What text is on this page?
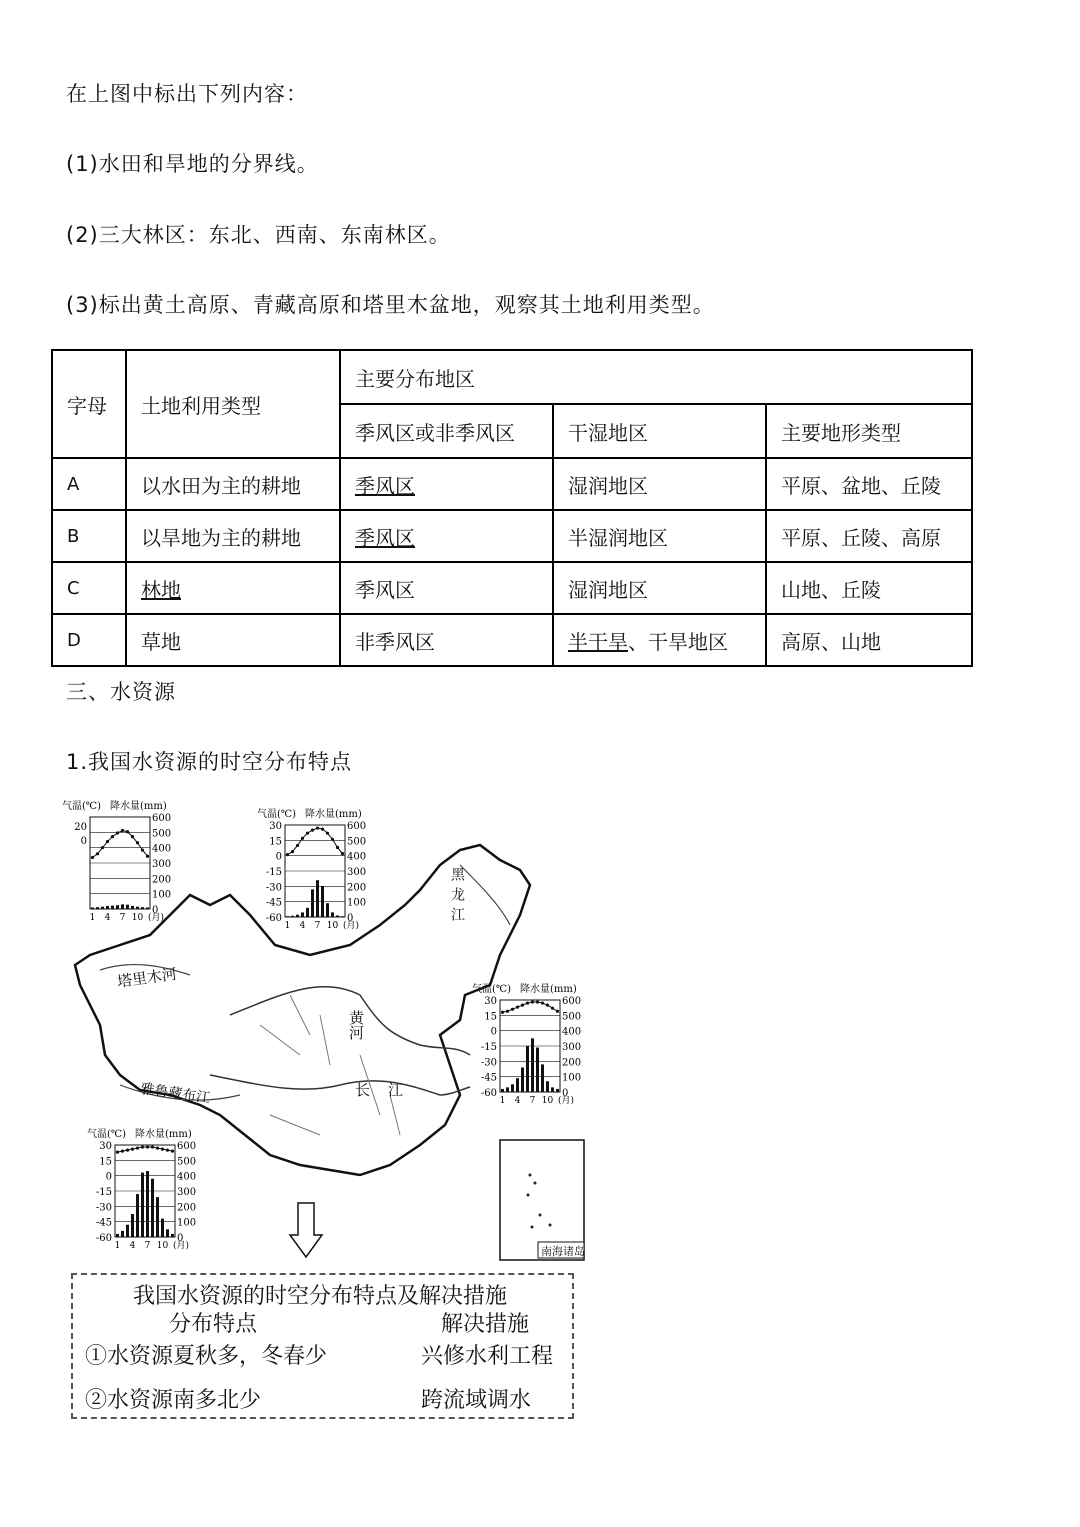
在上图中标出下列内容：
(1)水田和旱地的分界线。
(2)三大林区：东北、西南、东南林区。
(3)标出黄土高原、青藏高原和塔里木盆地，观察其土地利用类型。
字母	土地利用类型	主要分布地区		
		季风区或非季风区	干湿地区	主要地形类型
A	以水田为主的耕地	季风区	湿润地区	平原、盆地、丘陵
B	以旱地为主的耕地	季风区	半湿润地区	平原、丘陵、高原
C	林地	季风区	湿润地区	山地、丘陵
D	草地	非季风区	半干旱、干旱地区	高原、山地
三、水资源
1.我国水资源的时空分布特点
塔里木河
黄河
长江
雅鲁藏布江
黑龙江
南海诸岛
气温(℃) 降水量(mm)
600
500
400
300
200
100
0
20
0
1 4 7 10 (月)
气温(℃) 降水量(mm)
600
500
400
300
200
100
0
30
15
0
-15
-30
-45
-60
1 4 7 10 (月)
气温(℃) 降水量(mm)
600
500
400
300
200
100
0
30
15
0
-15
-30
-45
-60
1 4 7 10 (月)
气温(℃) 降水量(mm)
600
500
400
300
200
100
0
30
15
0
-15
-30
-45
-60
1 4 7 10 (月)
我国水资源的时空分布特点及解决措施
分布特点	解决措施
①水资源夏秋多，冬春少	兴修水利工程
②水资源南多北少	跨流域调水
